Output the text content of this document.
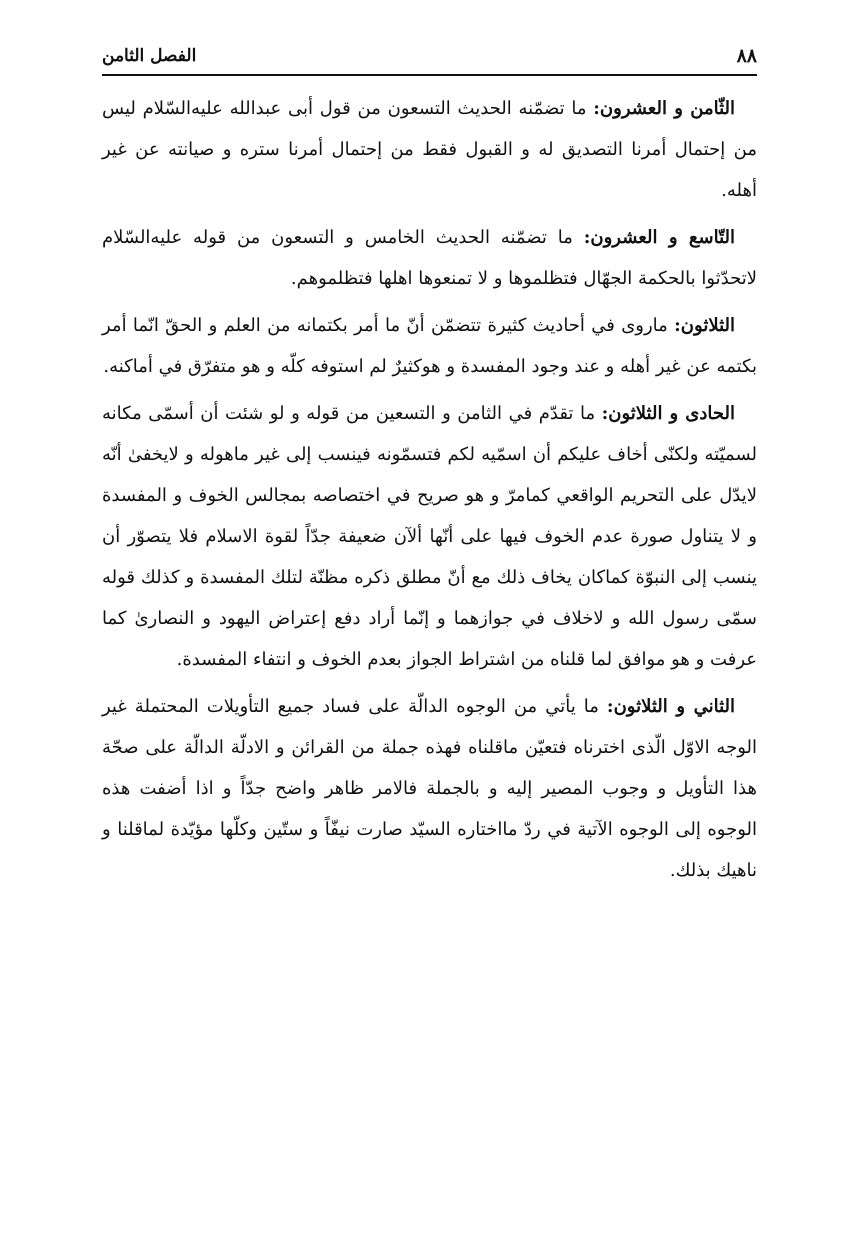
٨٨
الفصل الثامن

الثّامن و العشرون: ما تضمّنه الحديث التسعون من قول أبى عبدالله عليه‌السّلام ليس من إحتمال أمرنا التصديق له و القبول فقط من إحتمال أمرنا ستره و صيانته عن غير أهله.

التّاسع و العشرون: ما تضمّنه الحديث الخامس و التسعون من قوله عليه‌السّلام لاتحدّثوا بالحكمة الجهّال فتظلموها و لا تمنعوها اهلها فتظلموهم.

الثلاثون: ماروى في أحاديث كثيرة تتضمّن أنّ ما أمر بكتمانه من العلم و الحقّ انّما أمر بكتمه عن غير أهله و عند وجود المفسدة و هوكثيرٌ لم استوفه كلّه و هو متفرّق في أماكنه.

الحادى و الثلاثون: ما تقدّم في الثامن و التسعين من قوله و لو شئت أن أسمّى مكانه لسميّته ولكنّى أخاف عليكم أن اسمّيه لكم فتسمّونه فينسب إلى غير ماهوله و لايخفىٰ أنّه لايدّل على التحريم الواقعي كمامرّ و هو صريح في اختصاصه بمجالس الخوف و المفسدة و لا يتناول صورة عدم الخوف فيها على أنّها ألآن ضعيفة جدّاً لقوة الاسلام فلا يتصوّر أن ينسب إلى النبوّة كماكان يخاف ذلك مع أنّ مطلق ذكره مظنّة لتلك المفسدة و كذلك قوله سمّى رسول الله و لاخلاف في جوازهما و إنّما أراد دفع إعتراض اليهود و النصارىٰ كما عرفت و هو موافق لما قلناه من اشتراط الجواز بعدم الخوف و انتفاء المفسدة.

الثاني و الثلاثون: ما يأتي من الوجوه الدالّة على فساد جميع التأويلات المحتملة غير الوجه الاوّل الّذى اخترناه فتعيّن ماقلناه فهذه جملة من القرائن و الادلّة الدالّة على صحّة هذا التأويل و وجوب المصير إليه و بالجملة فالامر ظاهر واضح جدّاً و اذا أضفت هذه الوجوه إلى الوجوه الآتية في ردّ مااختاره السيّد صارت نيفّاً و ستّين وكلّها مؤيّدة لماقلنا و ناهيك بذلك.
